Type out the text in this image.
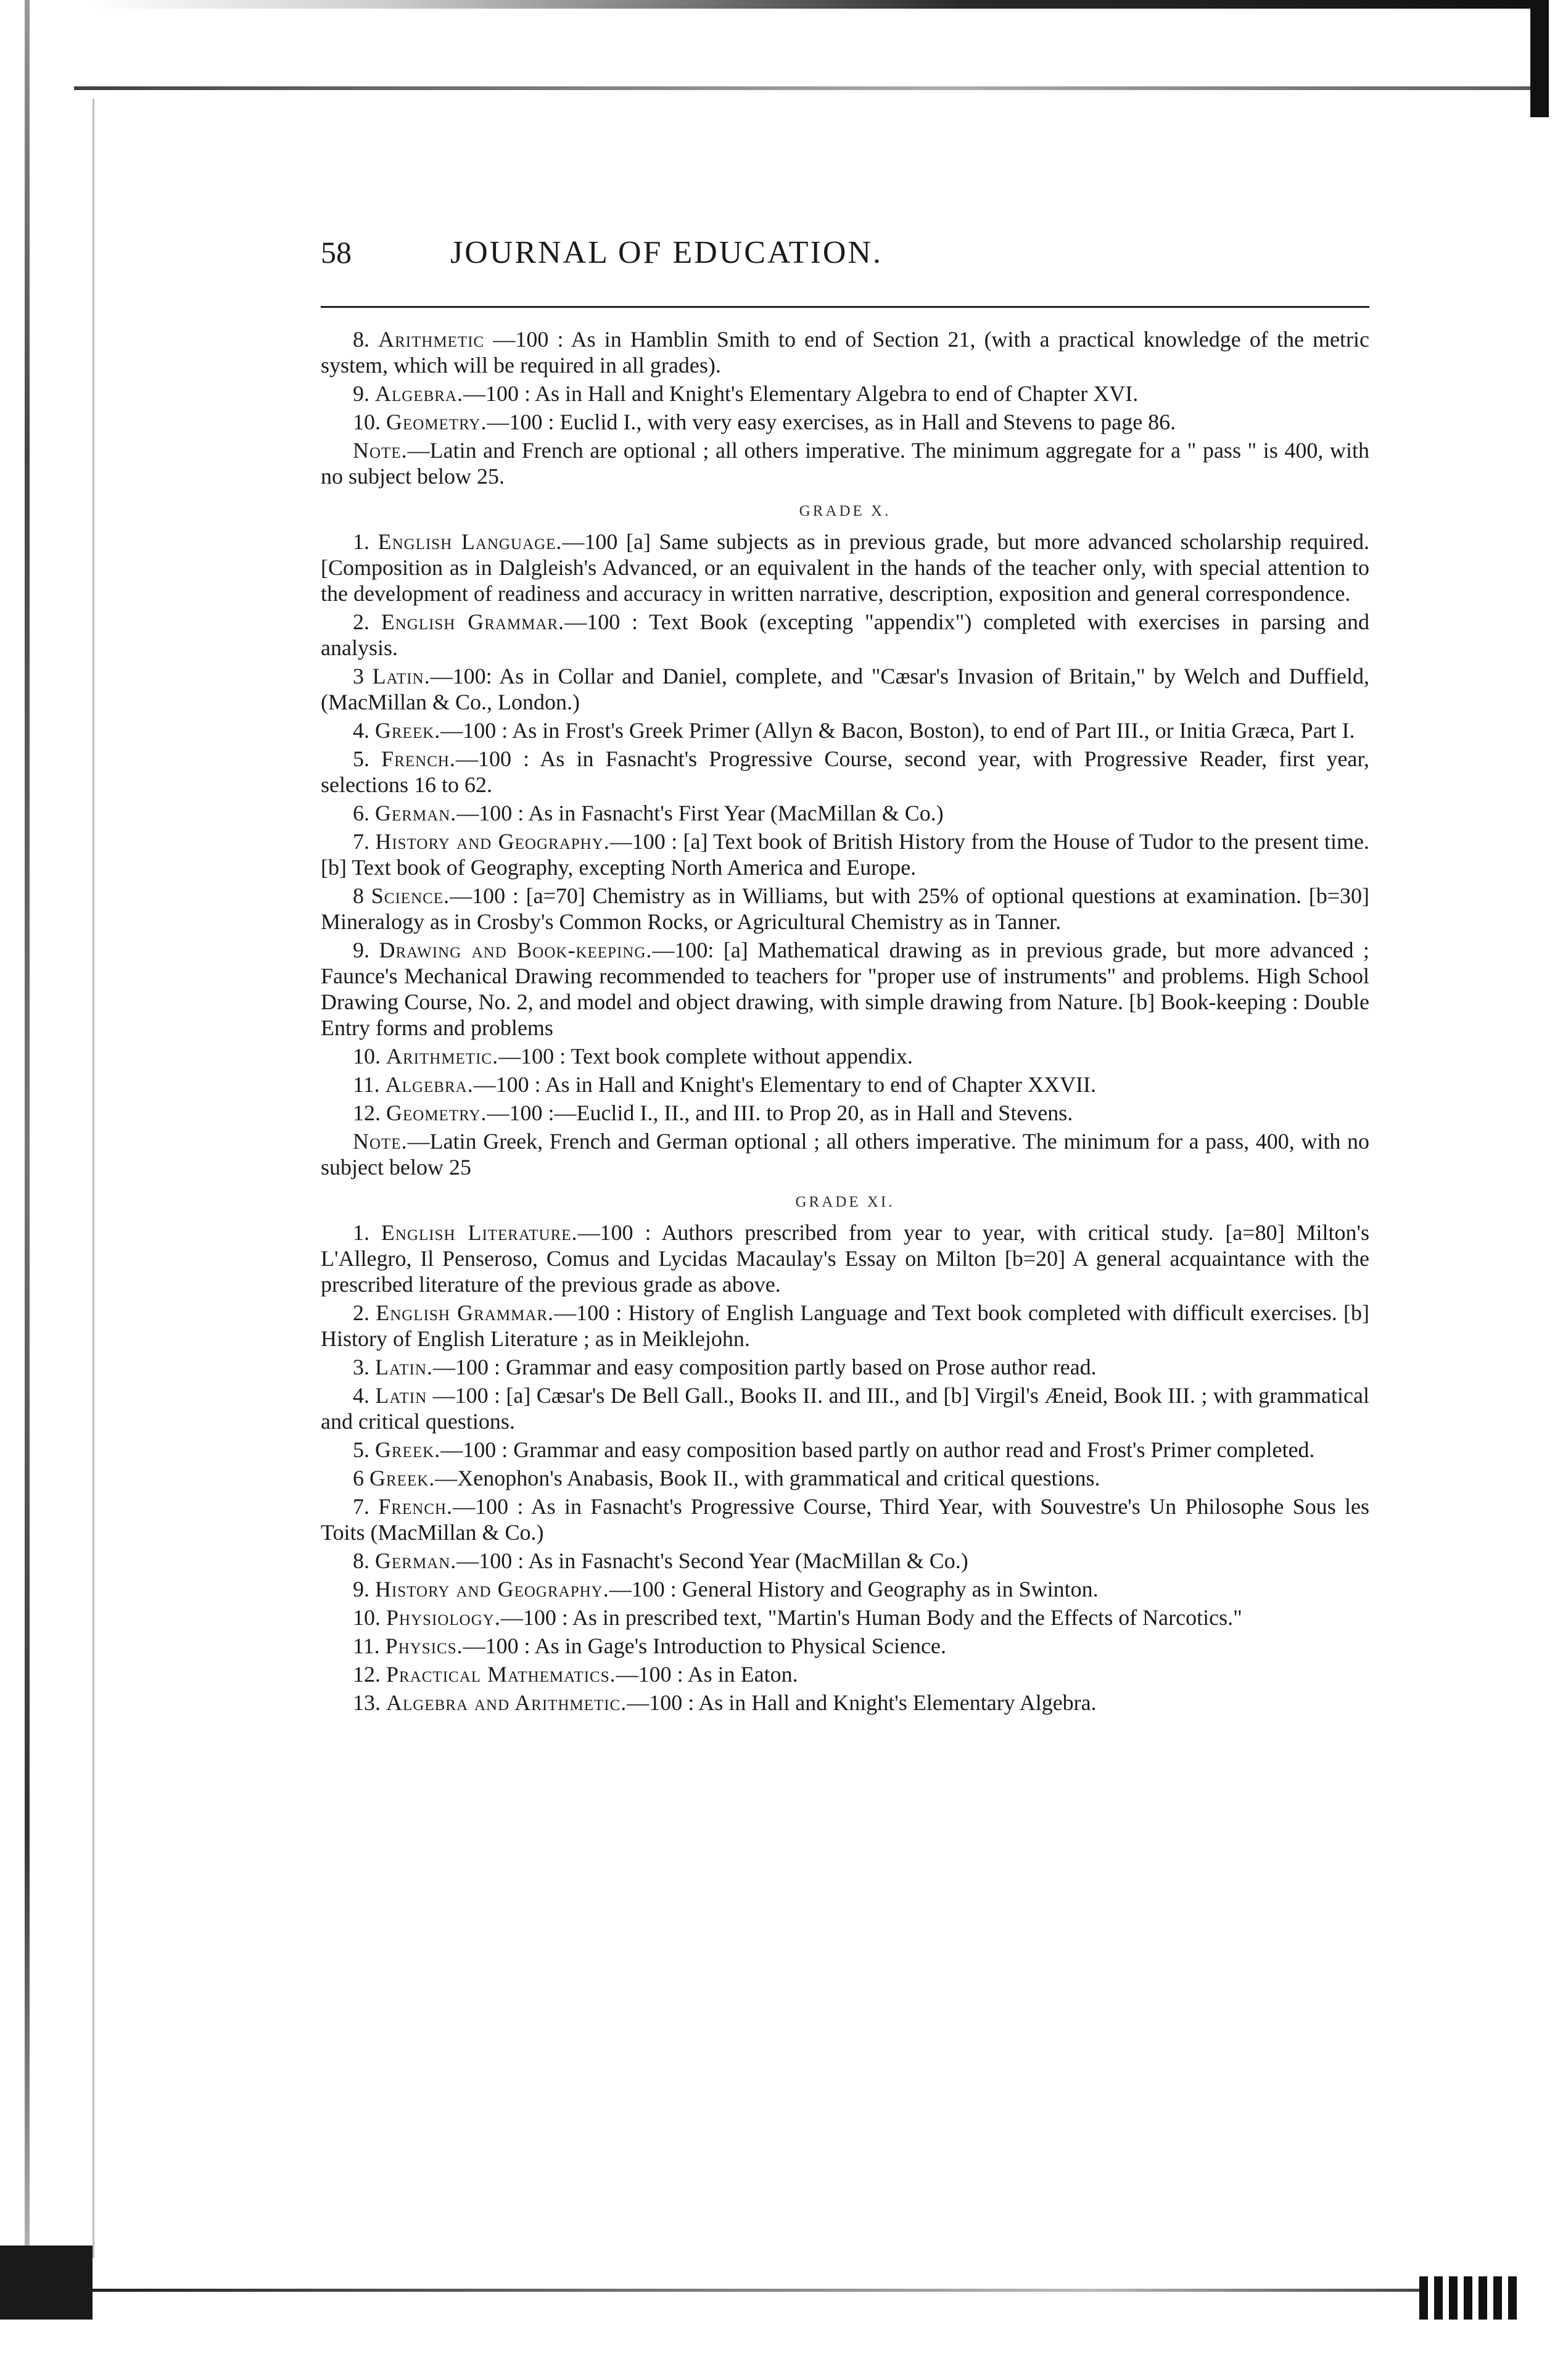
58	JOURNAL OF EDUCATION.

8. Arithmetic —100 : As in Hamblin Smith to end of Section 21, (with a practical knowledge of the metric system, which will be required in all grades).

9. Algebra.—100 : As in Hall and Knight's Elementary Algebra to end of Chapter XVI.

10. Geometry.—100 : Euclid I., with very easy exercises, as in Hall and Stevens to page 86.

Note.—Latin and French are optional ; all others imperative. The minimum aggregate for a " pass " is 400, with no subject below 25.

GRADE X.

1. English Language.—100 [a] Same subjects as in previous grade, but more advanced scholarship required. [Composition as in Dalgleish's Advanced, or an equivalent in the hands of the teacher only, with special attention to the development of readiness and accuracy in written narrative, description, exposition and general correspondence.

2. English Grammar.—100 : Text Book (excepting "appendix") completed with exercises in parsing and analysis.

3 Latin.—100: As in Collar and Daniel, complete, and "Cæsar's Invasion of Britain," by Welch and Duffield, (MacMillan & Co., London.)

4. Greek.—100 : As in Frost's Greek Primer (Allyn & Bacon, Boston), to end of Part III., or Initia Græca, Part I.

5. French.—100 : As in Fasnacht's Progressive Course, second year, with Progressive Reader, first year, selections 16 to 62.

6. German.—100 : As in Fasnacht's First Year (MacMillan & Co.)

7. History and Geography.—100 : [a] Text book of British History from the House of Tudor to the present time. [b] Text book of Geography, excepting North America and Europe.

8 Science.—100 : [a=70] Chemistry as in Williams, but with 25% of optional questions at examination. [b=30] Mineralogy as in Crosby's Common Rocks, or Agricultural Chemistry as in Tanner.

9. Drawing and Book-keeping.—100: [a] Mathematical drawing as in previous grade, but more advanced ; Faunce's Mechanical Drawing recommended to teachers for "proper use of instruments" and problems. High School Drawing Course, No. 2, and model and object drawing, with simple drawing from Nature. [b] Book-keeping : Double Entry forms and problems

10. Arithmetic.—100 : Text book complete without appendix.

11. Algebra.—100 : As in Hall and Knight's Elementary to end of Chapter XXVII.

12. Geometry.—100 :—Euclid I., II., and III. to Prop 20, as in Hall and Stevens.

Note.—Latin Greek, French and German optional ; all others imperative. The minimum for a pass, 400, with no subject below 25

GRADE XI.

1. English Literature.—100 : Authors prescribed from year to year, with critical study. [a=80] Milton's L'Allegro, Il Penseroso, Comus and Lycidas Macaulay's Essay on Milton [b=20] A general acquaintance with the prescribed literature of the previous grade as above.

2. English Grammar.—100 : History of English Language and Text book completed with difficult exercises. [b] History of English Literature ; as in Meiklejohn.

3. Latin.—100 : Grammar and easy composition partly based on Prose author read.

4. Latin —100 : [a] Cæsar's De Bell Gall., Books II. and III., and [b] Virgil's Æneid, Book III. ; with grammatical and critical questions.

5. Greek.—100 : Grammar and easy composition based partly on author read and Frost's Primer completed.

6 Greek.—Xenophon's Anabasis, Book II., with grammatical and critical questions.

7. French.—100 : As in Fasnacht's Progressive Course, Third Year, with Souvestre's Un Philosophe Sous les Toits (MacMillan & Co.)

8. German.—100 : As in Fasnacht's Second Year (MacMillan & Co.)

9. History and Geography.—100 : General History and Geography as in Swinton.

10. Physiology.—100 : As in prescribed text, "Martin's Human Body and the Effects of Narcotics."

11. Physics.—100 : As in Gage's Introduction to Physical Science.

12. Practical Mathematics.—100 : As in Eaton.

13. Algebra and Arithmetic.—100 : As in Hall and Knight's Elementary Algebra.
